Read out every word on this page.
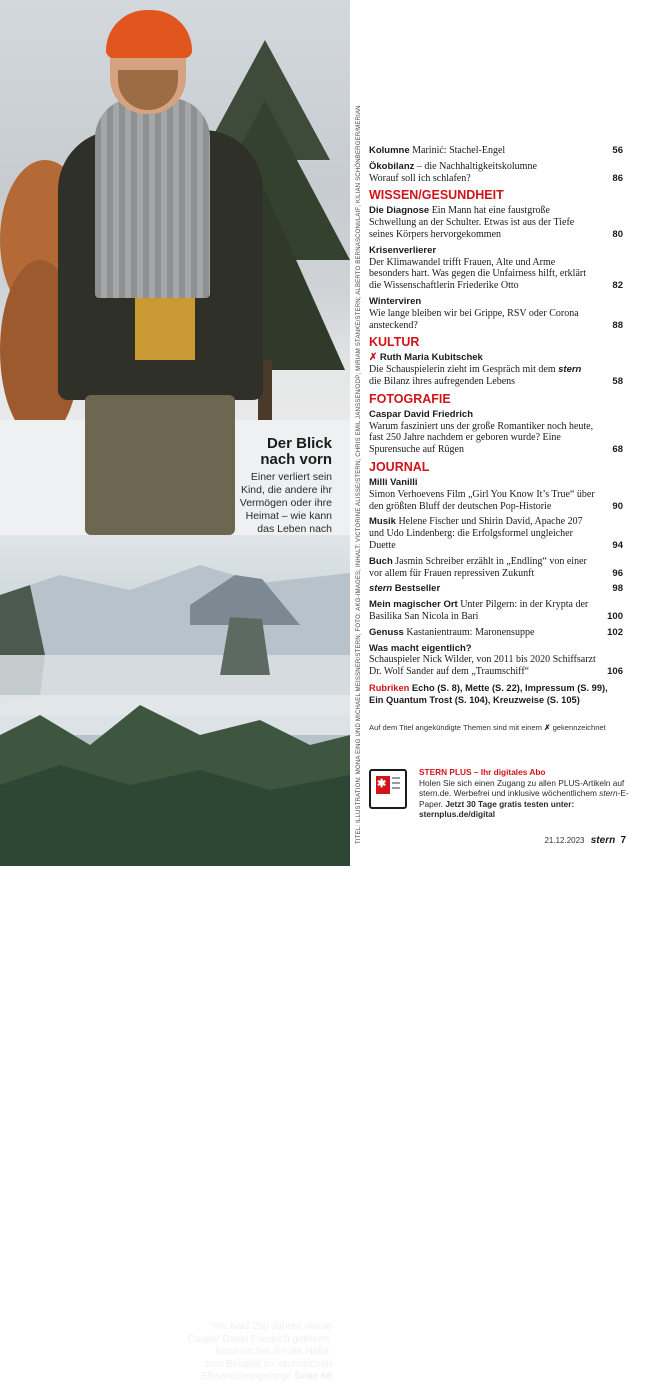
Der Blick
nach vorn
Einer verliert sein
Kind, die andere ihr
Vermögen oder ihre
Heimat – wie kann
das Leben nach
Über dem Nebelmeer
Vor bald 250 Jahren wurde
Caspar David Friedrich geboren.
Inspiriert hat ihn die Natur,
zum Beispiel im sächsischen
Elbsandsteingebirge Seite 68
TITEL: ILLUSTRATION: MONA EING UND MICHAEL MEISSNER/STERN; FOTO: AKG-IMAGES; INHALT: VICTORINE ALISSE/STERN; CHRIS EMIL JANSSEN/DDP; MIRIAM STANKE/STERN; ALBERTO BERNASCONI/LAIF; KILIAN SCHÖNBERGER/MERIAN Kolumne Marinić: Stachel-Engel	56
Ökobilanz – die Nachhaltigkeitskolumne
Worauf soll ich schlafen?	86
WISSEN/GESUNDHEIT
Die Diagnose Ein Mann hat eine faustgroße Schwellung an der Schulter. Etwas ist aus der Tiefe seines Körpers hervorgekommen	80
Krisenverlierer
Der Klimawandel trifft Frauen, Alte und Arme besonders hart. Was gegen die Unfairness hilft, erklärt die Wissenschaftlerin Friederike Otto	82
Winterviren
Wie lange bleiben wir bei Grippe, RSV oder Corona ansteckend?	88
KULTUR
✗ Ruth Maria Kubitschek
Die Schauspielerin zieht im Gespräch mit dem stern
die Bilanz ihres aufregenden Lebens	58
FOTOGRAFIE
Caspar David Friedrich
Warum fasziniert uns der große Romantiker noch heute, fast 250 Jahre nachdem er geboren wurde? Eine Spurensuche auf Rügen	68
JOURNAL
Milli Vanilli
Simon Verhoevens Film „Girl You Know It’s True“ über den größten Bluff der deutschen Pop-Historie	90
Musik Helene Fischer und Shirin David, Apache 207 und Udo Lindenberg: die Erfolgsformel ungleicher Duette	94
Buch Jasmin Schreiber erzählt in „Endling“ von einer vor allem für Frauen repressiven Zukunft	96
stern Bestseller	98
Mein magischer Ort Unter Pilgern: in der Krypta der Basilika San Nicola in Bari	100
Genuss Kastanientraum: Maronensuppe	102
Was macht eigentlich?
Schauspieler Nick Wilder, von 2011 bis 2020 Schiffsarzt Dr. Wolf Sander auf dem „Traumschiff“	106
Rubriken Echo (S. 8), Mette (S. 22), Impressum (S. 99), Ein Quantum Trost (S. 104), Kreuzweise (S. 105)
Auf dem Titel angekündigte Themen sind mit einem ✗ gekennzeichnet
✱
STERN PLUS – Ihr digitales Abo
Holen Sie sich einen Zugang zu allen PLUS-Artikeln auf stern.de. Werbefrei und inklusive wöchentlichem stern-E-Paper. Jetzt 30 Tage gratis testen unter: sternplus.de/digital
21.12.2023 stern 7
